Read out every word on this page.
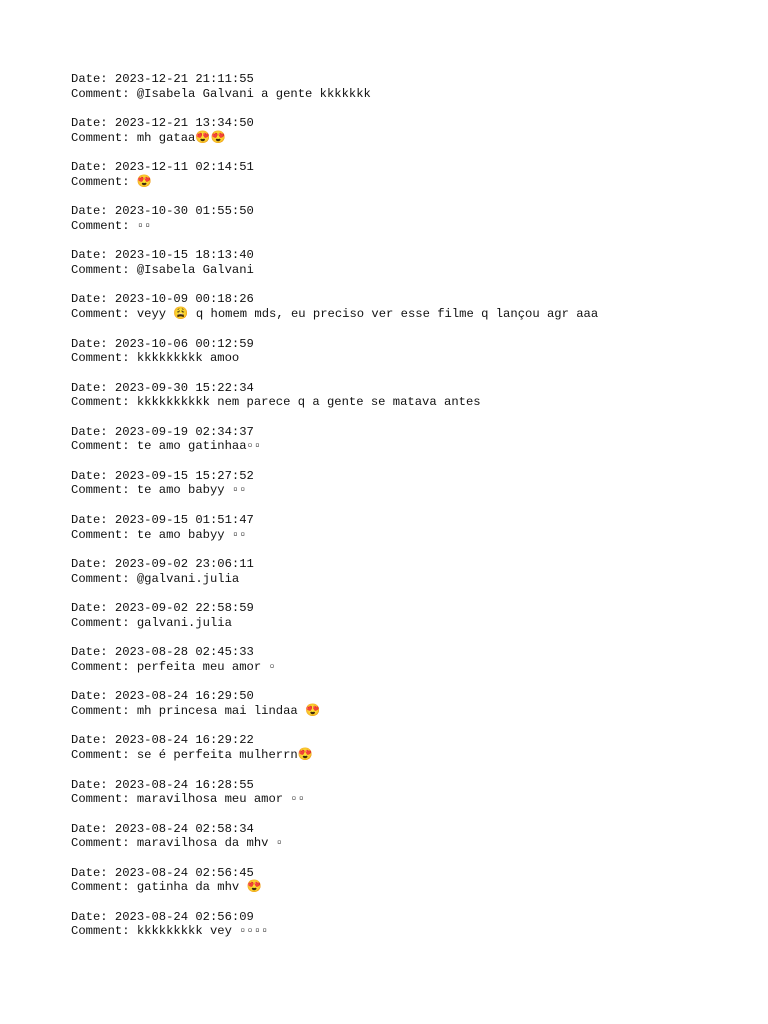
Date: 2023-12-21 21:11:55
Comment: @Isabela Galvani a gente kkkkkkk
Date: 2023-12-21 13:34:50
Comment: mh gataa😍😍
Date: 2023-12-11 02:14:51
Comment: 😍
Date: 2023-10-30 01:55:50
Comment: ▫▫
Date: 2023-10-15 18:13:40
Comment: @Isabela Galvani
Date: 2023-10-09 00:18:26
Comment: veyy 😩 q homem mds, eu preciso ver esse filme q lançou agr aaa
Date: 2023-10-06 00:12:59
Comment: kkkkkkkkk amoo
Date: 2023-09-30 15:22:34
Comment: kkkkkkkkkk nem parece q a gente se matava antes
Date: 2023-09-19 02:34:37
Comment: te amo gatinhaa▫▫
Date: 2023-09-15 15:27:52
Comment: te amo babyy ▫▫
Date: 2023-09-15 01:51:47
Comment: te amo babyy ▫▫
Date: 2023-09-02 23:06:11
Comment: @galvani.julia
Date: 2023-09-02 22:58:59
Comment: galvani.julia
Date: 2023-08-28 02:45:33
Comment: perfeita meu amor ▫
Date: 2023-08-24 16:29:50
Comment: mh princesa mai lindaa 😍
Date: 2023-08-24 16:29:22
Comment: se é perfeita mulherrn😍
Date: 2023-08-24 16:28:55
Comment: maravilhosa meu amor ▫▫
Date: 2023-08-24 02:58:34
Comment: maravilhosa da mhv ▫
Date: 2023-08-24 02:56:45
Comment: gatinha da mhv 😍
Date: 2023-08-24 02:56:09
Comment: kkkkkkkkk vey ▫▫▫▫
